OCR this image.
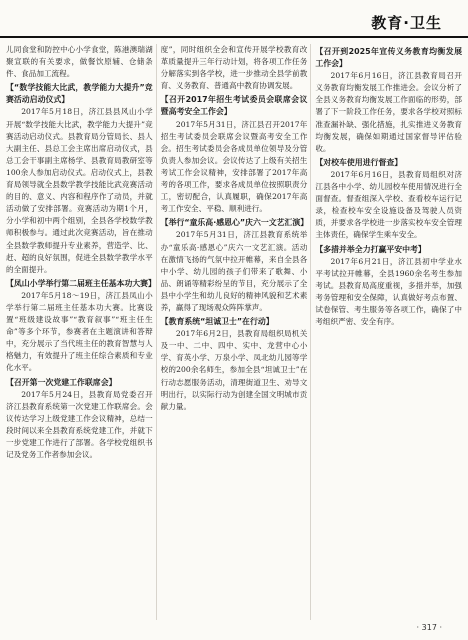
教育·卫生

儿同食堂和防控中心小学食堂，陈港澳瑞湖聚宣联的有关要求，做餐饮原辅、仓储条件、食品加工流程。

【“数学技能大比武，教学能力大提升”竞赛活动启动仪式】

2017年5月18日，济江县县风山小学开展“数学技能大比武，教学能力大提升”竞赛活动启动仪式。县教育局分管局长、县人大副主任、县总工会主席出席启动仪式，县总工会干事副主席杨学、县教育局教研室等100余人参加启动仪式。启动仪式上，县教育局领导就全县数学教学技能比武竞赛活动的目的、意义、内容和程序作了动员，并就活动做了安排部署。竞赛活动为期1个月，分小学和初中两个组别，全县各学校数学教师积极参与。通过此次竞赛活动，旨在推动全县数学教师提升专业素养，营造学、比、赶、超的良好氛围，促进全县数学教学水平的全面提升。

【凤山小学举行第二届班主任基本功大赛】

2017年5月18～19日，济江县凤山小学举行第二届班主任基本功大赛。比赛设置“班级建设故事”“教育叙事”“班主任生命”等多个环节，参赛者在主题演讲和答辩中，充分展示了当代班主任的教育智慧与人格魅力，有效提升了班主任综合素质和专业化水平。

【召开第一次党建工作联席会】

2017年5月24日，县教育局党委召开济江县教育系统第一次党建工作联席会。会议传达学习上级党建工作会议精神，总结一段时间以来全县教育系统党建工作，并就下一步党建工作进行了部署。各学校党组织书记及党务工作者参加会议。

度”，同时组织全会和宣传开展学校教育改革质量提升三年行动计划，将各项工作任务分解落实到各学校，进一步推动全县学前教育、义务教育、普通高中教育协调发展。

【召开2017年招生考试委员会联席会议暨高考安全工作会】

2017年5月31日，济江县召开2017年招生考试委员会联席会议暨高考安全工作会。招生考试委员会各成员单位领导及分管负责人参加会议。会议传达了上级有关招生考试工作会议精神，安排部署了2017年高考的各项工作，要求各成员单位按照职责分工，密切配合，认真履职，确保2017年高考工作安全、平稳、顺利进行。

【举行“童乐高·感恩心”庆六一文艺汇演】

2017年5月31日，济江县教育系统举办“童乐高·感恩心”庆六一文艺汇演。活动在激情飞扬的气氛中拉开帷幕，来自全县各中小学、幼儿园的孩子们带来了歌舞、小品、朗诵等精彩纷呈的节目，充分展示了全县中小学生和幼儿良好的精神风貌和艺术素养，赢得了现场观众阵阵掌声。

【教育系统“坦诚卫士”在行动】

2017年6月2日，县教育局组织局机关及一中、二中、四中、实中、龙营中心小学、育英小学、万泉小学、凤北幼儿园等学校的200余名师生，参加全县“坦诚卫士”在行动志愿服务活动，清理街道卫生、劝导文明出行，以实际行动为创建全国文明城市贡献力量。

【召开到2025年宣传义务教育均衡发展工作会】

2017年6月16日，济江县教育局召开义务教育均衡发展工作推进会。会议分析了全县义务教育均衡发展工作面临的形势，部署了下一阶段工作任务，要求各学校对照标准查漏补缺、强化措施，扎实推进义务教育均衡发展，确保如期通过国家督导评估验收。

【对校车使用进行督查】

2017年6月16日，县教育局组织对济江县各中小学、幼儿园校车使用情况进行全面督查。督查组深入学校、查看校车运行记录，检查校车安全设施设备及驾驶人员资质，并要求各学校进一步落实校车安全管理主体责任，确保学生乘车安全。

【多措并举全力打赢平安中考】

2017年6月21日，济江县初中学业水平考试拉开帷幕，全县1960余名考生参加考试。县教育局高度重视，多措并举，加强考务管理和安全保障，认真做好考点布置、试卷保管、考生服务等各项工作，确保了中考组织严密、安全有序。

· 317 ·
